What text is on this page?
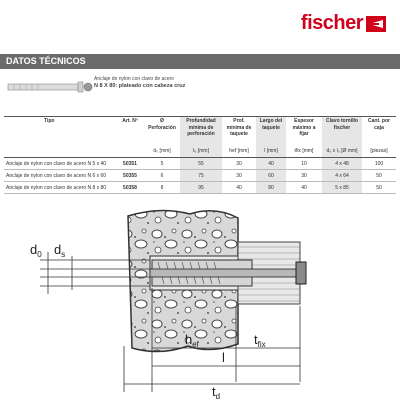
fischer
DATOS TÉCNICOS
Anclaje de nylon con clavo de acero
N 8 X 80: plateado con cabeza cruz
Tipo	Art. Nº	Ø Perforación	Profundidad mínima de perforación	Prof. mínima de taquete	Largo del taquete	Espesor máximo a fijar	Clavo tornillo fischer	Cant. por caja
		d₀ [mm]	t₀ [mm]	hef [mm]	l [mm]	tfix [mm]	d₀ x l₀ [Ø mm]	[piezas]
Anclaje de nylon con clavo de acero N 5 x 40	50351	5	55	30	40	10	4 x 48	100
Anclaje de nylon con clavo de acero N 6 x 60	50355	6	75	30	60	30	4 x 64	50
Anclaje de nylon con clavo de acero N 8 x 80	50358	8	95	40	80	40	5 x 85	50
$d_0$ $d_s$
$h_{ef}$	$t_{fix}$
l
$t_d$
